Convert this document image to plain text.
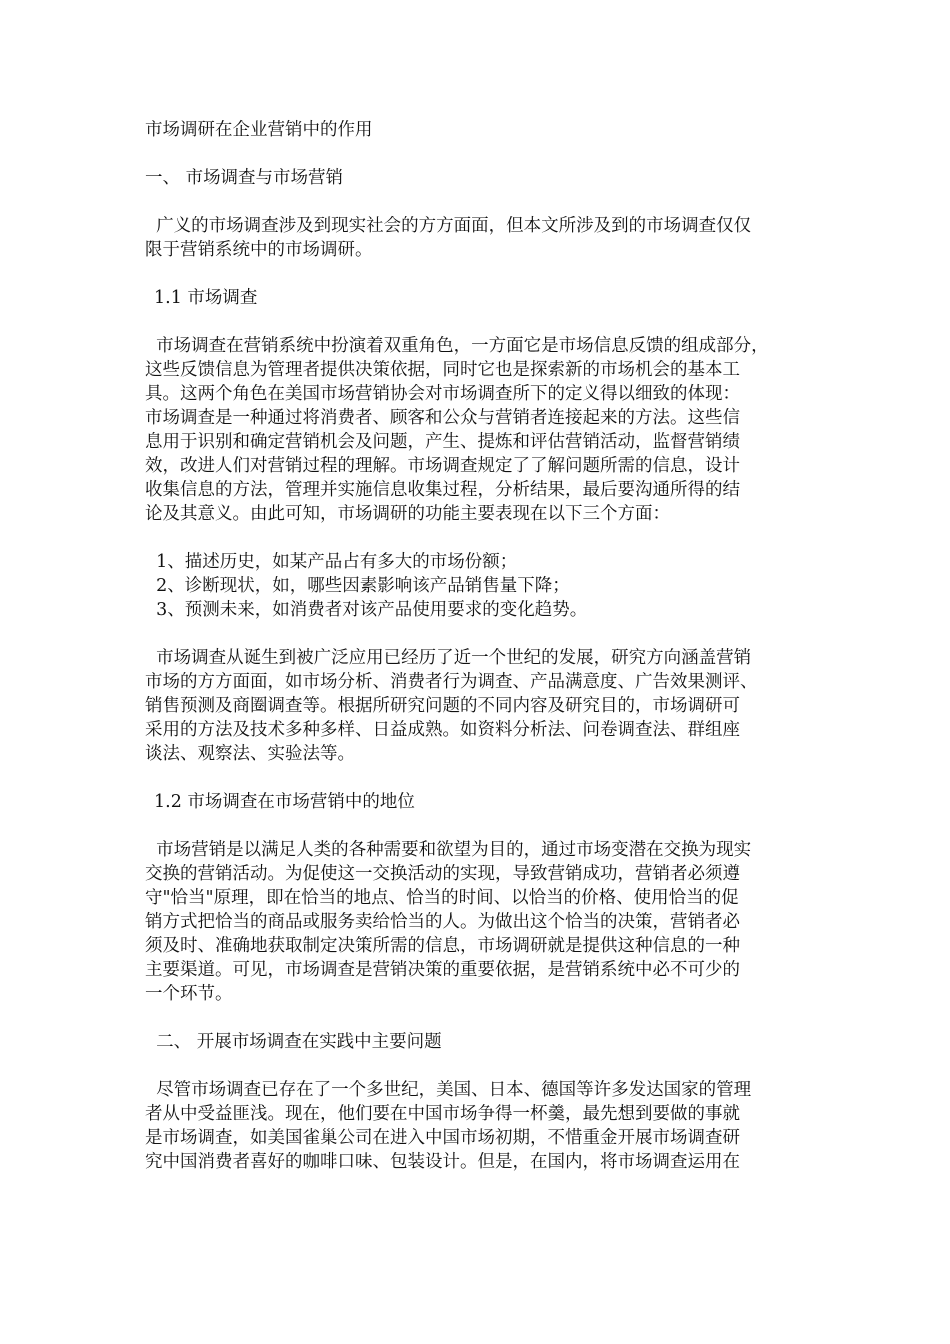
市场调研在企业营销中的作用

一、 市场调查与市场营销

广义的市场调查涉及到现实社会的方方面面，但本文所涉及到的市场调查仅仅
限于营销系统中的市场调研。

1.1 市场调查

市场调查在营销系统中扮演着双重角色，一方面它是市场信息反馈的组成部分，
这些反馈信息为管理者提供决策依据，同时它也是探索新的市场机会的基本工
具。这两个角色在美国市场营销协会对市场调查所下的定义得以细致的体现：
市场调查是一种通过将消费者、顾客和公众与营销者连接起来的方法。这些信
息用于识别和确定营销机会及问题，产生、提炼和评估营销活动，监督营销绩
效，改进人们对营销过程的理解。市场调查规定了了解问题所需的信息，设计
收集信息的方法，管理并实施信息收集过程，分析结果，最后要沟通所得的结
论及其意义。由此可知，市场调研的功能主要表现在以下三个方面：

1、描述历史，如某产品占有多大的市场份额；
2、诊断现状，如，哪些因素影响该产品销售量下降；
3、预测未来，如消费者对该产品使用要求的变化趋势。

市场调查从诞生到被广泛应用已经历了近一个世纪的发展，研究方向涵盖营销
市场的方方面面，如市场分析、消费者行为调查、产品满意度、广告效果测评、
销售预测及商圈调查等。根据所研究问题的不同内容及研究目的，市场调研可
采用的方法及技术多种多样、日益成熟。如资料分析法、问卷调查法、群组座
谈法、观察法、实验法等。

1.2 市场调查在市场营销中的地位

市场营销是以满足人类的各种需要和欲望为目的，通过市场变潜在交换为现实
交换的营销活动。为促使这一交换活动的实现，导致营销成功，营销者必须遵
守"恰当"原理，即在恰当的地点、恰当的时间、以恰当的价格、使用恰当的促
销方式把恰当的商品或服务卖给恰当的人。为做出这个恰当的决策，营销者必
须及时、准确地获取制定决策所需的信息，市场调研就是提供这种信息的一种
主要渠道。可见，市场调查是营销决策的重要依据，是营销系统中必不可少的
一个环节。

二、 开展市场调查在实践中主要问题

尽管市场调查已存在了一个多世纪，美国、日本、德国等许多发达国家的管理
者从中受益匪浅。现在，他们要在中国市场争得一杯羹，最先想到要做的事就
是市场调查，如美国雀巢公司在进入中国市场初期，不惜重金开展市场调查研
究中国消费者喜好的咖啡口味、包装设计。但是，在国内，将市场调查运用在
